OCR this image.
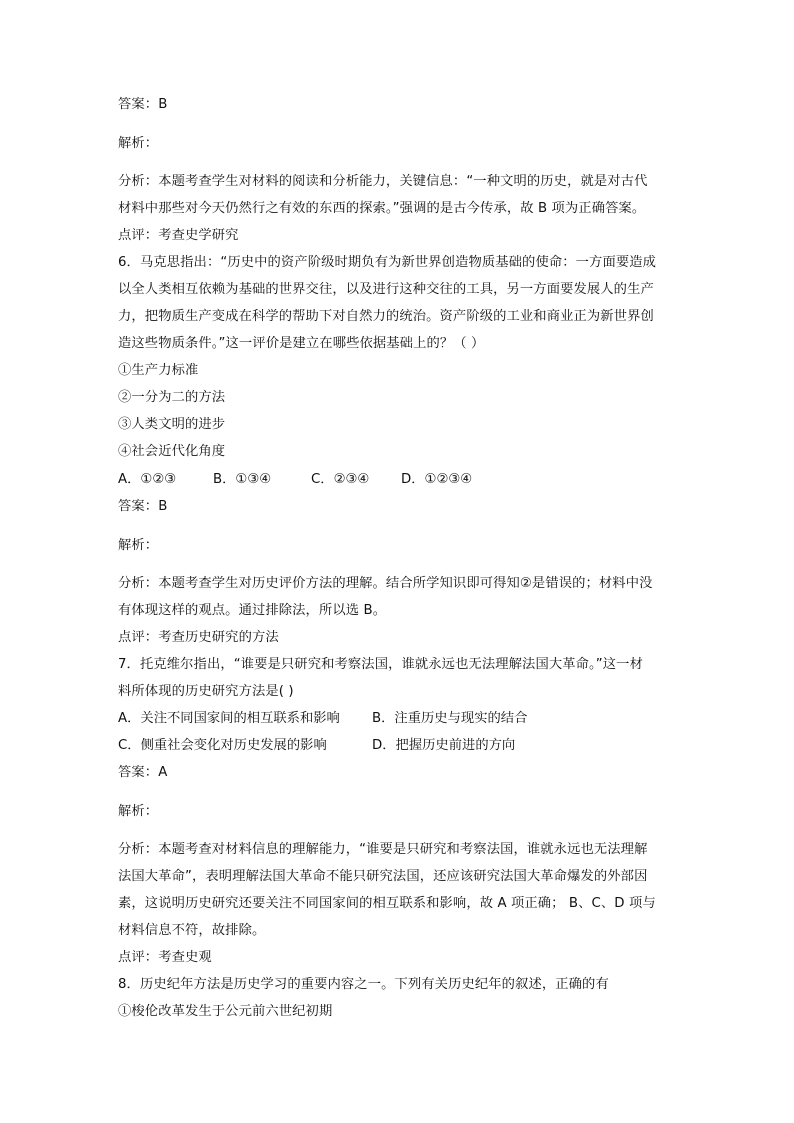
答案：B
解析：
分析：本题考查学生对材料的阅读和分析能力，关键信息：“一种文明的历史，就是对古代
材料中那些对今天仍然行之有效的东西的探索。”强调的是古今传承，故 B 项为正确答案。
点评：考查史学研究
6．马克思指出：“历史中的资产阶级时期负有为新世界创造物质基础的使命：一方面要造成
以全人类相互依赖为基础的世界交往，以及进行这种交往的工具，另一方面要发展人的生产
力，把物质生产变成在科学的帮助下对自然力的统治。资产阶级的工业和商业正为新世界创
造这些物质条件。”这一评价是建立在哪些依据基础上的？（ ）
①生产力标准
②一分为二的方法
③人类文明的进步
④社会近代化角度
A．①②③	B．①③④	C．②③④ D．①②③④
答案：B
解析：
分析：本题考查学生对历史评价方法的理解。结合所学知识即可得知②是错误的；材料中没
有体现这样的观点。通过排除法，所以选 B。
点评：考查历史研究的方法
7．托克维尔指出，“谁要是只研究和考察法国，谁就永远也无法理解法国大革命。”这一材
料所体现的历史研究方法是( )
A．关注不同国家间的相互联系和影响 B．注重历史与现实的结合
C．侧重社会变化对历史发展的影响	D．把握历史前进的方向
答案：A
解析：
分析：本题考查对材料信息的理解能力，“谁要是只研究和考察法国，谁就永远也无法理解
法国大革命”，表明理解法国大革命不能只研究法国，还应该研究法国大革命爆发的外部因
素，这说明历史研究还要关注不同国家间的相互联系和影响，故 A 项正确； B、C、D 项与
材料信息不符，故排除。
点评：考查史观
8．历史纪年方法是历史学习的重要内容之一。下列有关历史纪年的叙述，正确的有
①梭伦改革发生于公元前六世纪初期
